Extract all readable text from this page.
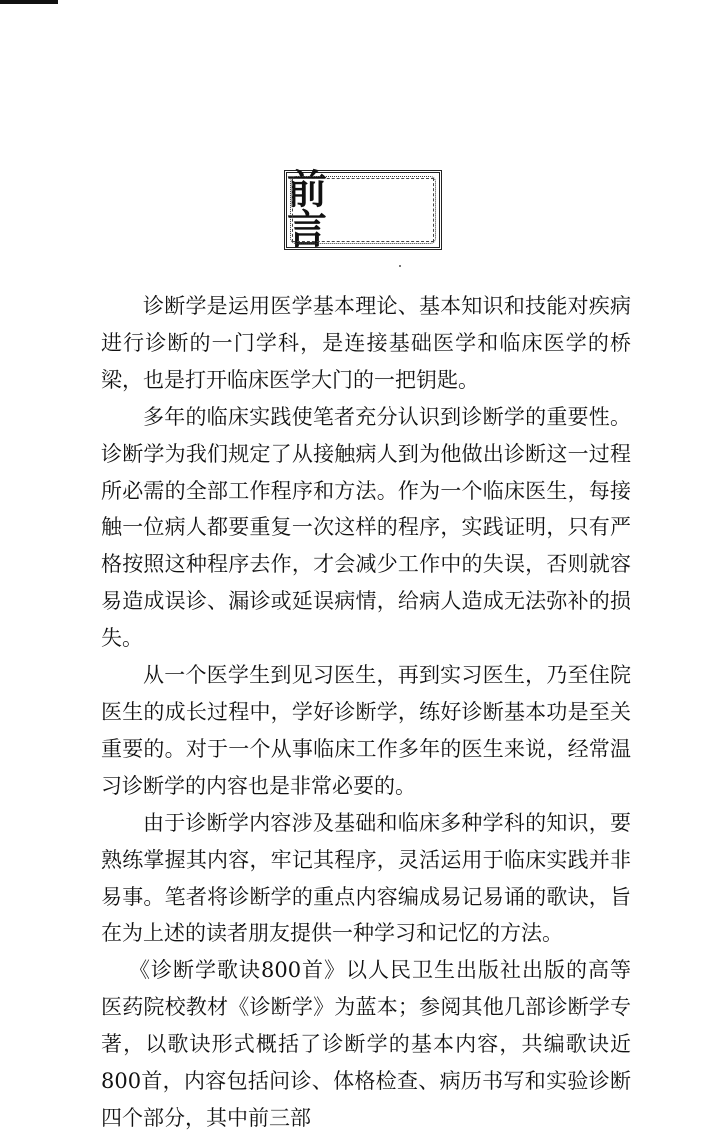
前 言

诊断学是运用医学基本理论、基本知识和技能对疾病进行诊断的一门学科，是连接基础医学和临床医学的桥梁，也是打开临床医学大门的一把钥匙。

多年的临床实践使笔者充分认识到诊断学的重要性。诊断学为我们规定了从接触病人到为他做出诊断这一过程所必需的全部工作程序和方法。作为一个临床医生，每接触一位病人都要重复一次这样的程序，实践证明，只有严格按照这种程序去作，才会减少工作中的失误，否则就容易造成误诊、漏诊或延误病情，给病人造成无法弥补的损失。

从一个医学生到见习医生，再到实习医生，乃至住院医生的成长过程中，学好诊断学，练好诊断基本功是至关重要的。对于一个从事临床工作多年的医生来说，经常温习诊断学的内容也是非常必要的。

由于诊断学内容涉及基础和临床多种学科的知识，要熟练掌握其内容，牢记其程序，灵活运用于临床实践并非易事。笔者将诊断学的重点内容编成易记易诵的歌诀，旨在为上述的读者朋友提供一种学习和记忆的方法。

《诊断学歌诀800首》以人民卫生出版社出版的高等医药院校教材《诊断学》为蓝本；参阅其他几部诊断学专著，以歌诀形式概括了诊断学的基本内容，共编歌诀近800首，内容包括问诊、体格检查、病历书写和实验诊断四个部分，其中前三部
